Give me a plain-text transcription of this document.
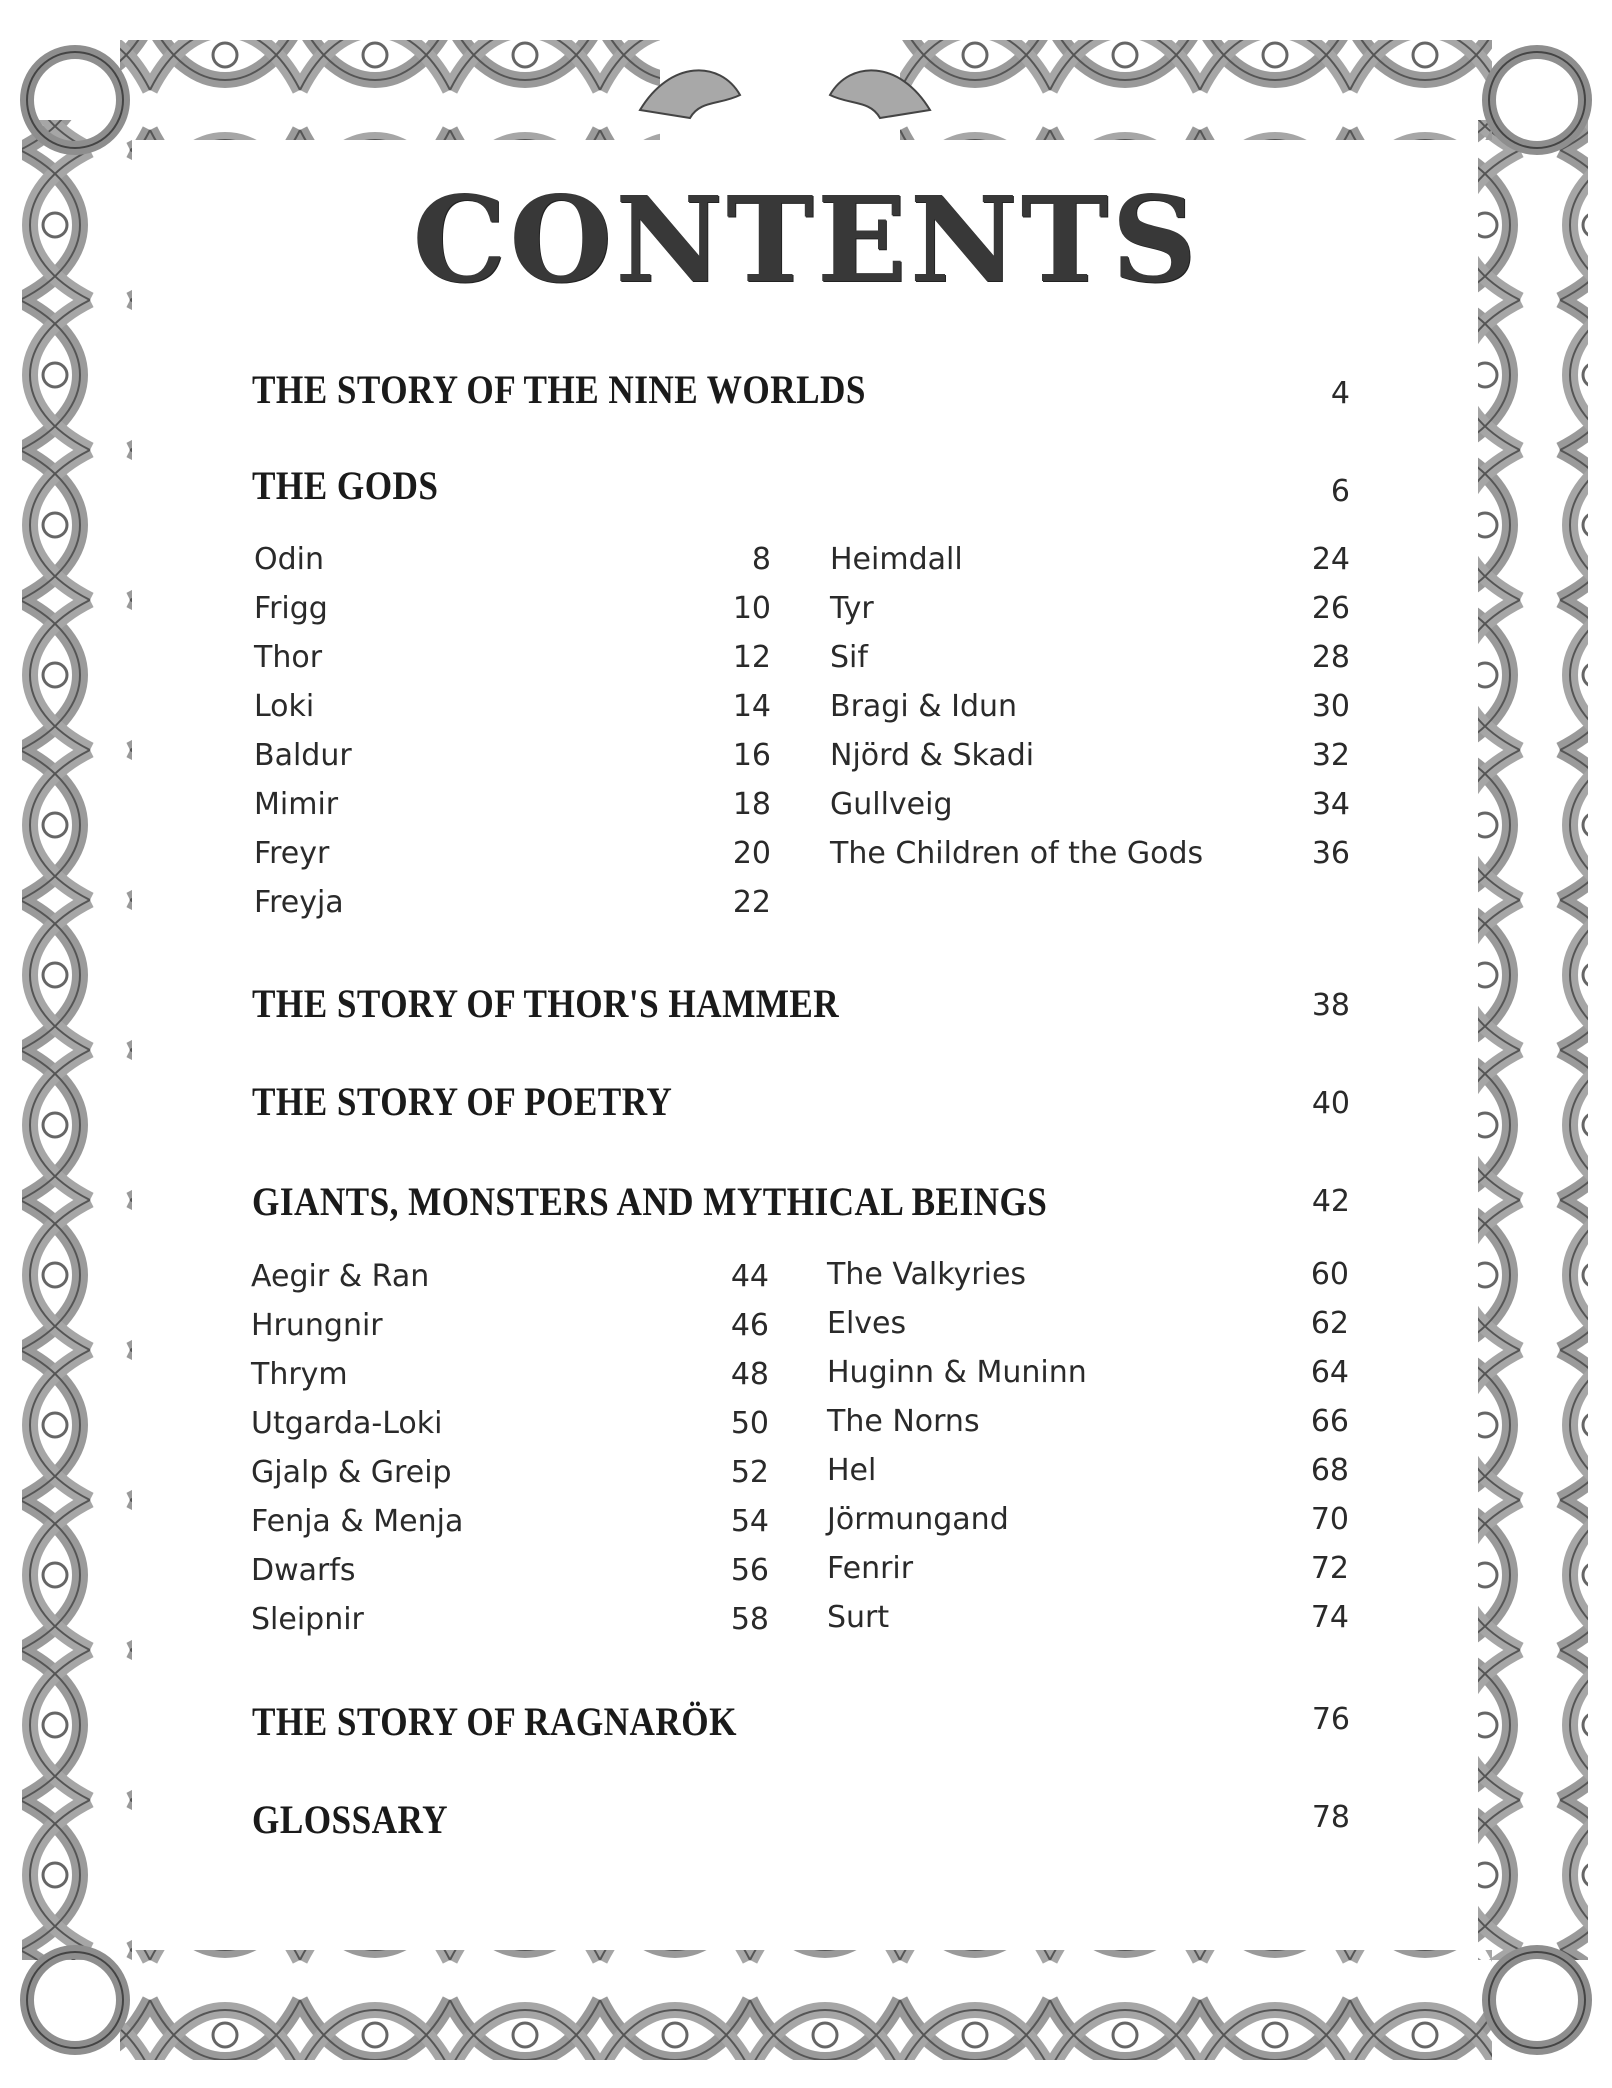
CONTENTS
THE STORY OF THE NINE WORLDS	4
THE GODS	6
Odin	8
Frigg	10
Thor	12
Loki	14
Baldur	16
Mimir	18
Freyr	20
Freyja	22
Heimdall	24
Tyr	26
Sif	28
Bragi & Idun	30
Njörd & Skadi	32
Gullveig	34
The Children of the Gods	36
THE STORY OF THOR'S HAMMER	38
THE STORY OF POETRY	40
GIANTS, MONSTERS AND MYTHICAL BEINGS	42
Aegir & Ran	44
Hrungnir	46
Thrym	48
Utgarda-Loki	50
Gjalp & Greip	52
Fenja & Menja	54
Dwarfs	56
Sleipnir	58
The Valkyries	60
Elves	62
Huginn & Muninn	64
The Norns	66
Hel	68
Jörmungand	70
Fenrir	72
Surt	74
THE STORY OF RAGNARÖK	76
GLOSSARY	78
